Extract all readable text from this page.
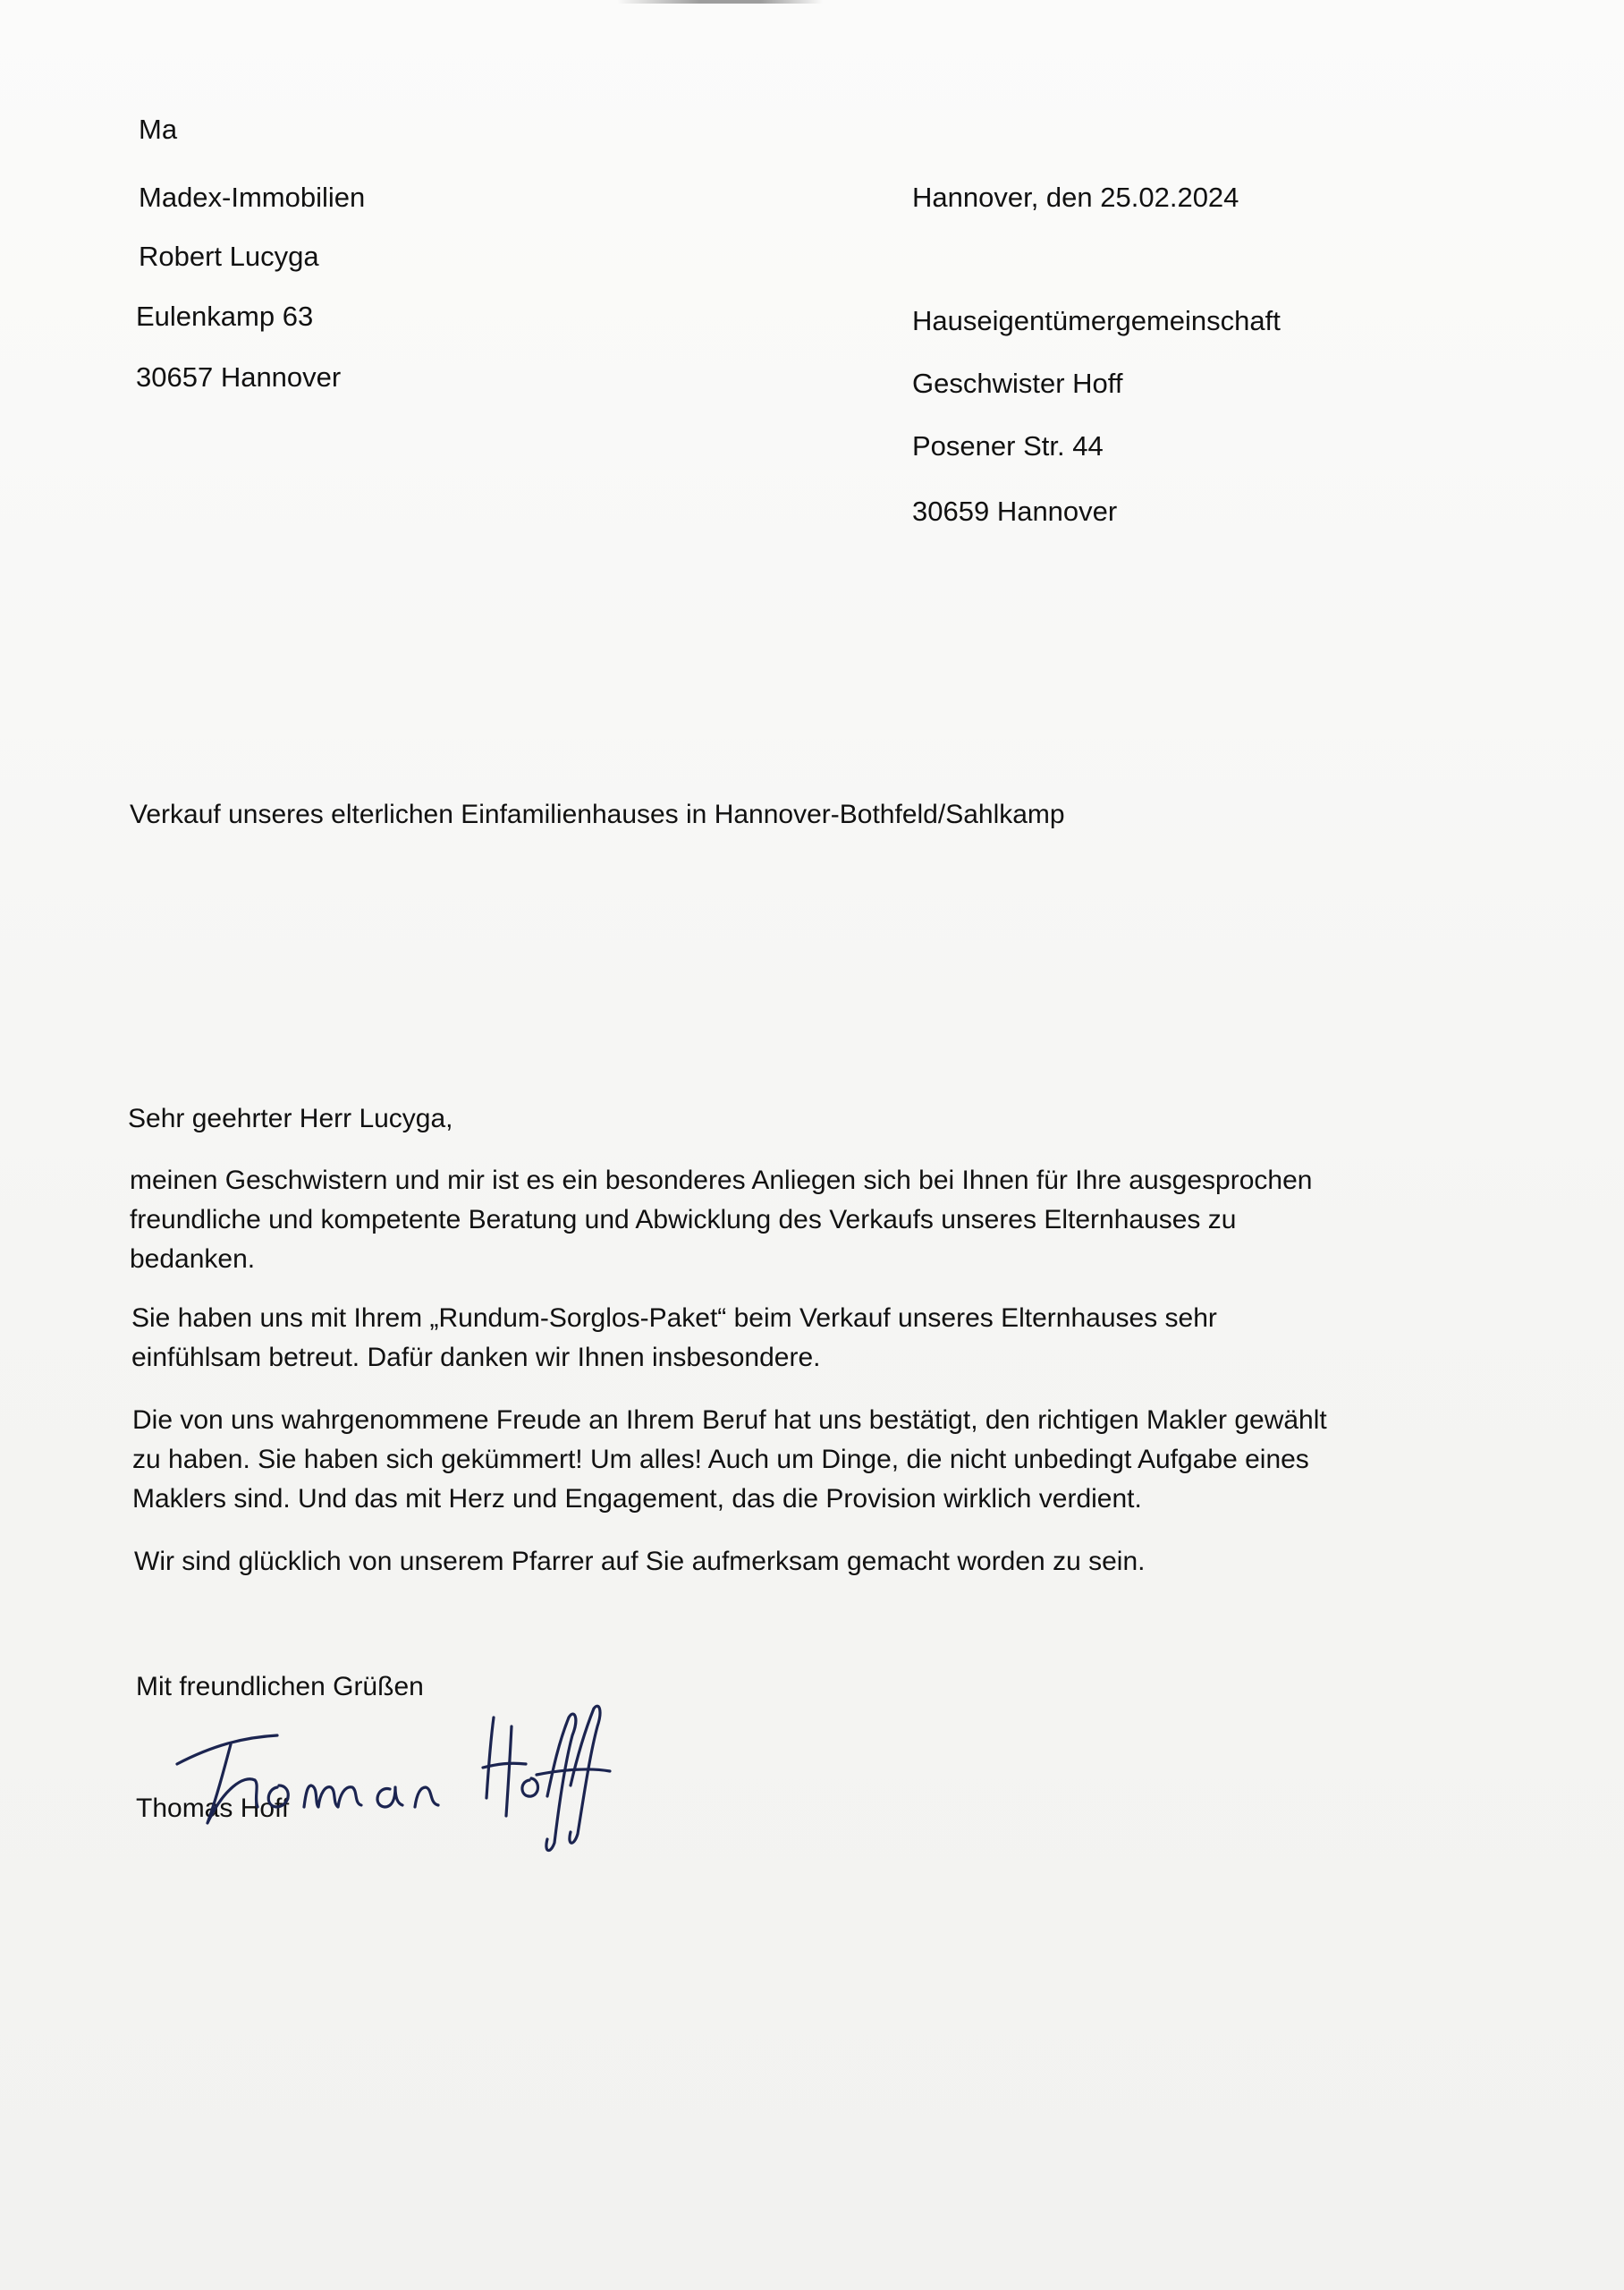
Ma

Madex-Immobilien

Robert Lucyga

Eulenkamp 63

30657 Hannover

Hannover, den 25.02.2024

Hauseigentümergemeinschaft

Geschwister Hoff

Posener Str. 44

30659 Hannover

Verkauf unseres elterlichen Einfamilienhauses in Hannover-Bothfeld/Sahlkamp

Sehr geehrter Herr Lucyga,

meinen Geschwistern und mir ist es ein besonderes Anliegen sich bei Ihnen für Ihre ausgesprochen
freundliche und kompetente Beratung und Abwicklung des Verkaufs unseres Elternhauses zu
bedanken.
Sie haben uns mit Ihrem „Rundum-Sorglos-Paket“ beim Verkauf unseres Elternhauses sehr
einfühlsam betreut. Dafür danken wir Ihnen insbesondere.
Die von uns wahrgenommene Freude an Ihrem Beruf hat uns bestätigt, den richtigen Makler gewählt
zu haben. Sie haben sich gekümmert! Um alles! Auch um Dinge, die nicht unbedingt Aufgabe eines
Maklers sind. Und das mit Herz und Engagement, das die Provision wirklich verdient.
Wir sind glücklich von unserem Pfarrer auf Sie aufmerksam gemacht worden zu sein.

Mit freundlichen Grüßen

Thomas Hoff
